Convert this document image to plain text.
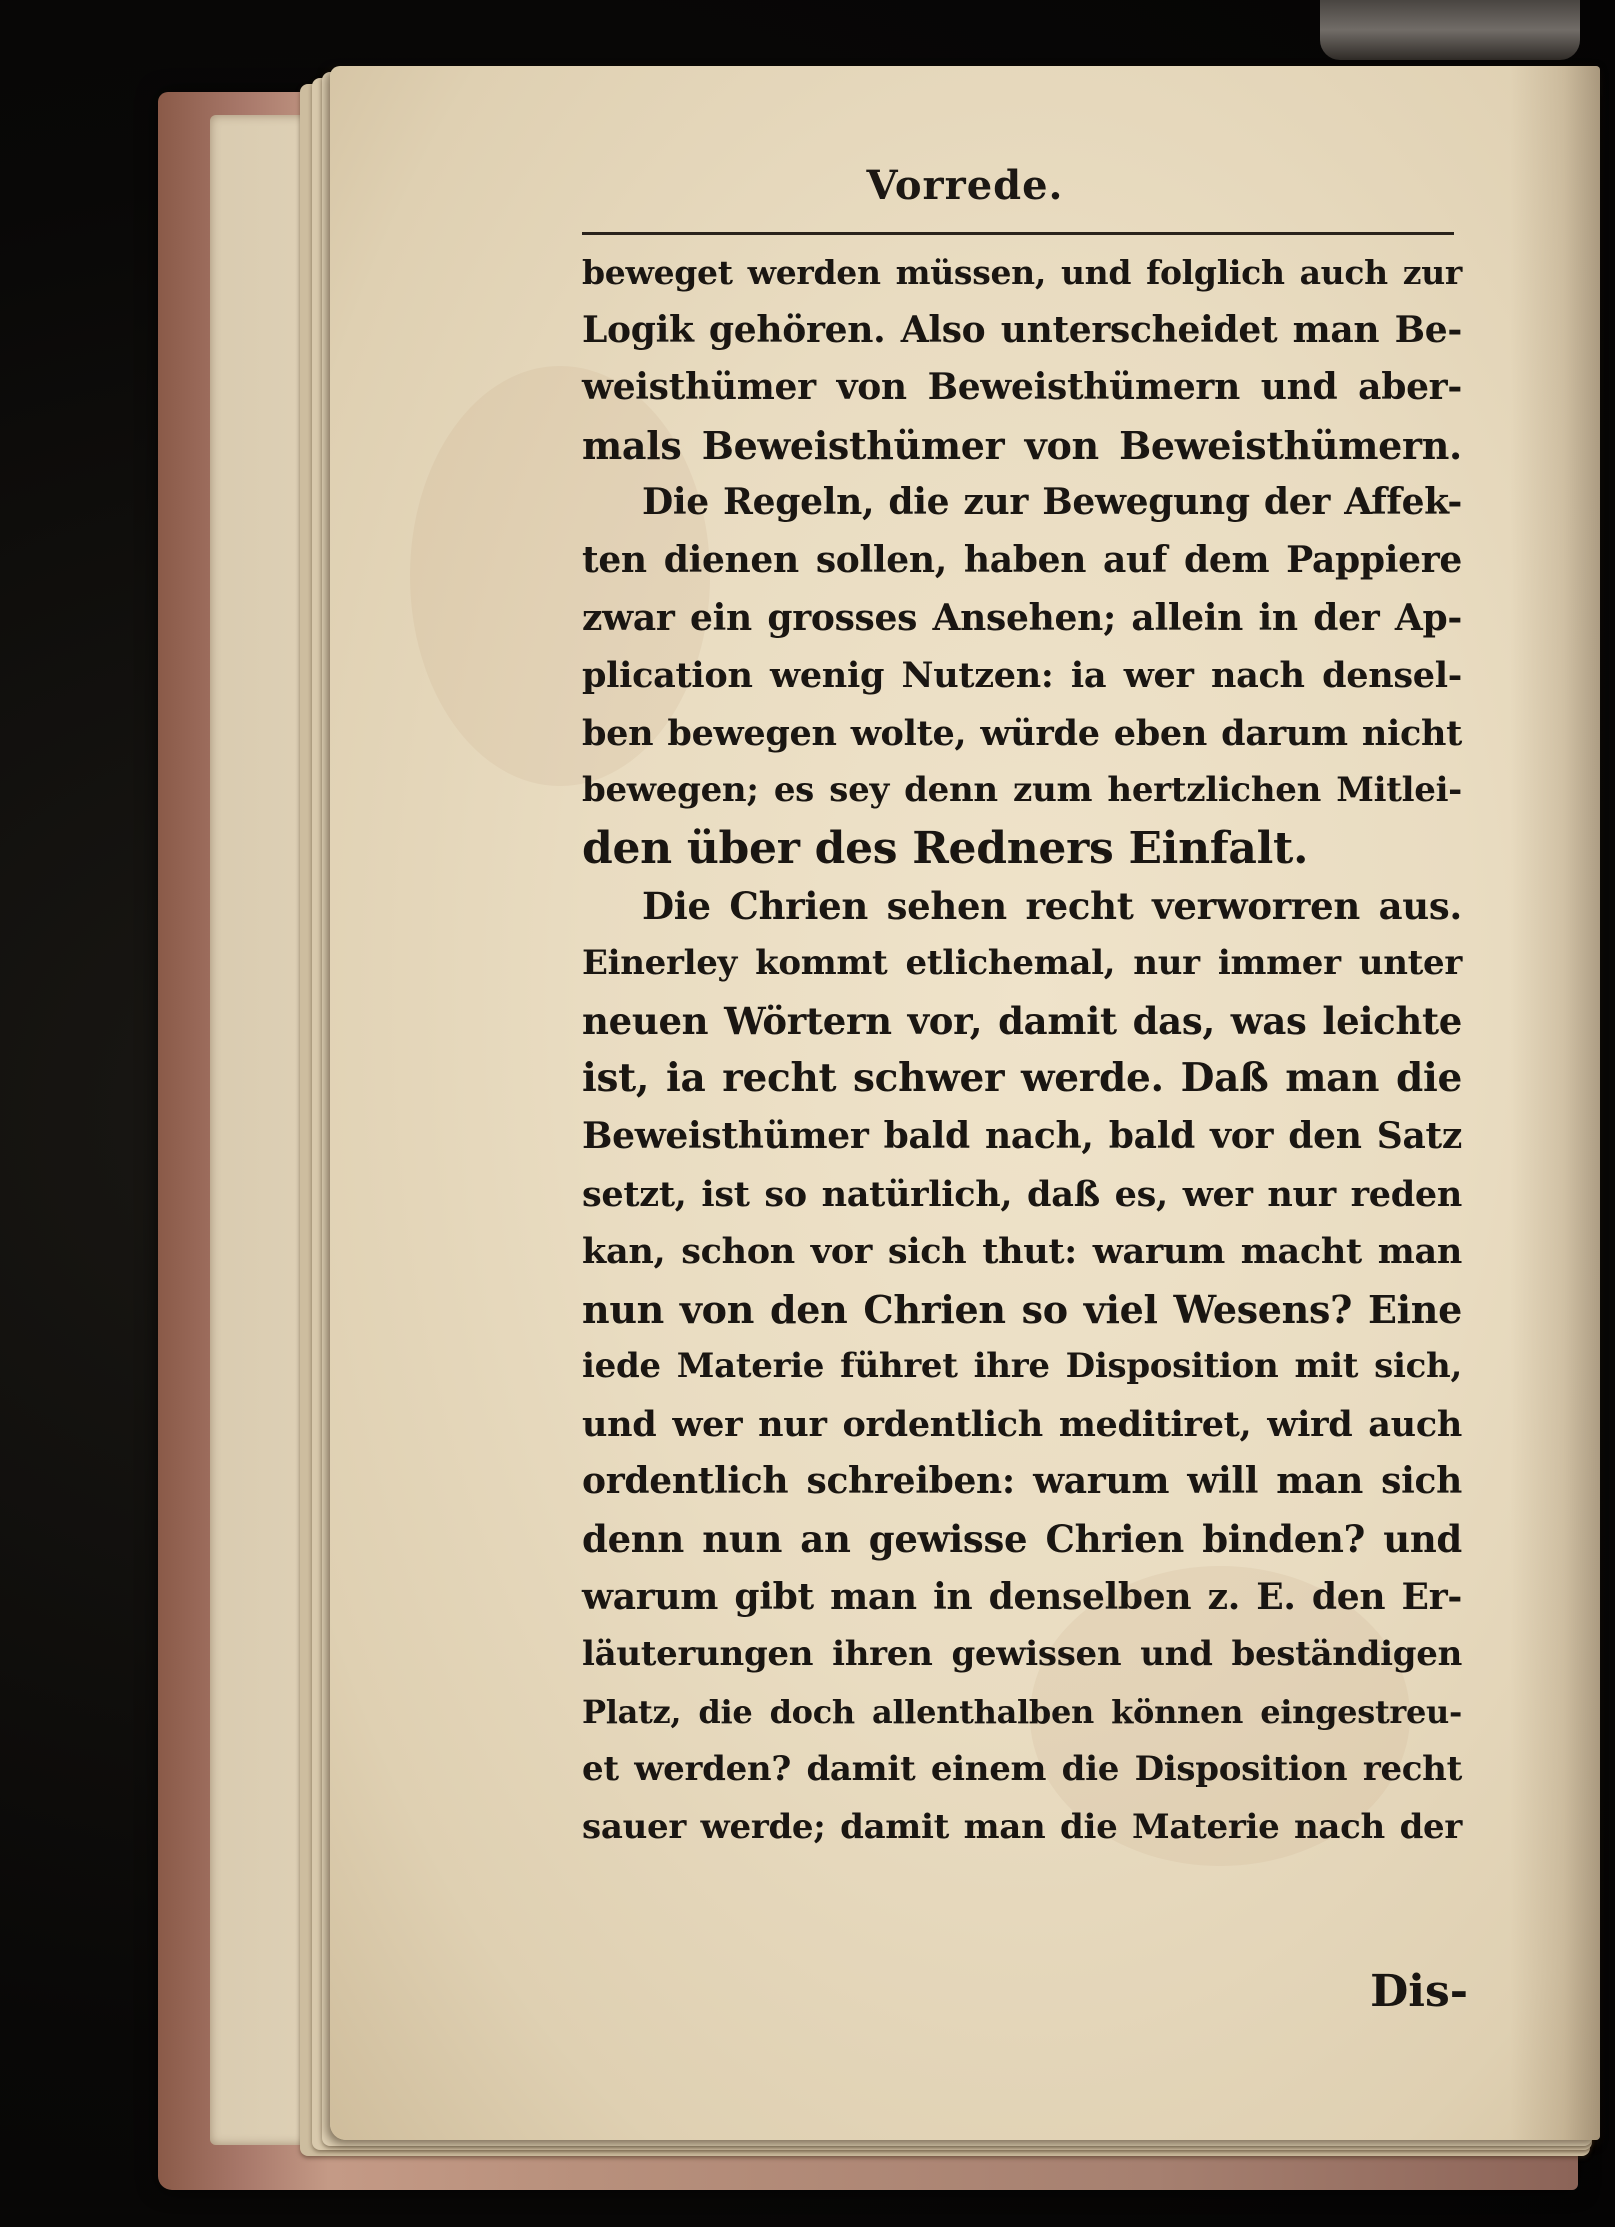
Vorrede.
beweget werden müssen, und folglich auch zur
Logik gehören. Also unterscheidet man Be-
weisthümer von Beweisthümern und aber-
mals Beweisthümer von Beweisthümern.
Die Regeln, die zur Bewegung der Affek-
ten dienen sollen, haben auf dem Pappiere
zwar ein grosses Ansehen; allein in der Ap-
plication wenig Nutzen: ia wer nach densel-
ben bewegen wolte, würde eben darum nicht
bewegen; es sey denn zum hertzlichen Mitlei-
den über des Redners Einfalt.
Die Chrien sehen recht verworren aus.
Einerley kommt etlichemal, nur immer unter
neuen Wörtern vor, damit das, was leichte
ist, ia recht schwer werde. Daß man die
Beweisthümer bald nach, bald vor den Satz
setzt, ist so natürlich, daß es, wer nur reden
kan, schon vor sich thut: warum macht man
nun von den Chrien so viel Wesens? Eine
iede Materie führet ihre Disposition mit sich,
und wer nur ordentlich meditiret, wird auch
ordentlich schreiben: warum will man sich
denn nun an gewisse Chrien binden? und
warum gibt man in denselben z. E. den Er-
läuterungen ihren gewissen und beständigen
Platz, die doch allenthalben können eingestreu-
et werden? damit einem die Disposition recht
sauer werde; damit man die Materie nach der
Dis-
